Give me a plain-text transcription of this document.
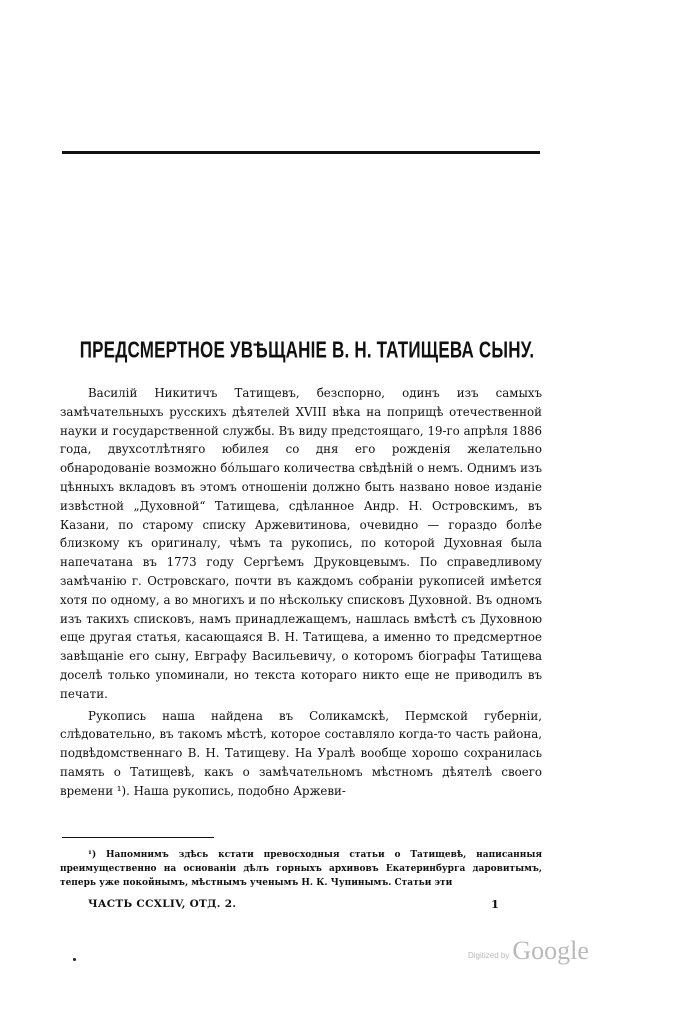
ПРЕДСМЕРТНОЕ УВѢЩАНІЕ В. Н. ТАТИЩЕВА СЫНУ.

Василій Никитичъ Татищевъ, безспорно, одинъ изъ самыхъ замѣчательныхъ русскихъ дѣятелей XVIII вѣка на поприщѣ отечественной науки и государственной службы. Въ виду предстоящаго, 19-го апрѣля 1886 года, двухсотлѣтняго юбилея со дня его рожденія желательно обнародованіе возможно бо́льшаго количества свѣдѣній о немъ. Однимъ изъ цѣнныхъ вкладовъ въ этомъ отношеніи должно быть названо новое изданіе извѣстной „Духовной“ Татищева, сдѣланное Андр. Н. Островскимъ, въ Казани, по старому списку Аржевитинова, очевидно — гораздо болѣе близкому къ оригиналу, чѣмъ та рукопись, по которой Духовная была напечатана въ 1773 году Сергѣемъ Друковцевымъ. По справедливому замѣчанію г. Островскаго, почти въ каждомъ собраніи рукописей имѣется хотя по одному, а во многихъ и по нѣскольку списковъ Духовной. Въ одномъ изъ такихъ списковъ, намъ принадлежащемъ, нашлась вмѣстѣ съ Духовною еще другая статья, касающаяся В. Н. Татищева, а именно то предсмертное завѣщаніе его сыну, Евграфу Васильевичу, о которомъ біографы Татищева доселѣ только упоминали, но текста котораго никто еще не приводилъ въ печати.

Рукопись наша найдена въ Соликамскѣ, Пермской губерніи, слѣдовательно, въ такомъ мѣстѣ, которое составляло когда-то часть района, подвѣдомственнаго В. Н. Татищеву. На Уралѣ вообще хорошо сохранилась память о Татищевѣ, какъ о замѣчательномъ мѣстномъ дѣятелѣ своего времени ¹). Наша рукопись, подобно Аржеви-

¹) Напомнимъ здѣсь кстати превосходныя статьи о Татищевѣ, написанныя преимущественно на основаніи дѣлъ горныхъ архивовъ Екатеринбурга даровитымъ, теперь уже покойнымъ, мѣстнымъ ученымъ Н. К. Чупинымъ. Статьи эти

ЧАСТЬ CCXLIV, ОТД. 2.	1
Digitized by Google
